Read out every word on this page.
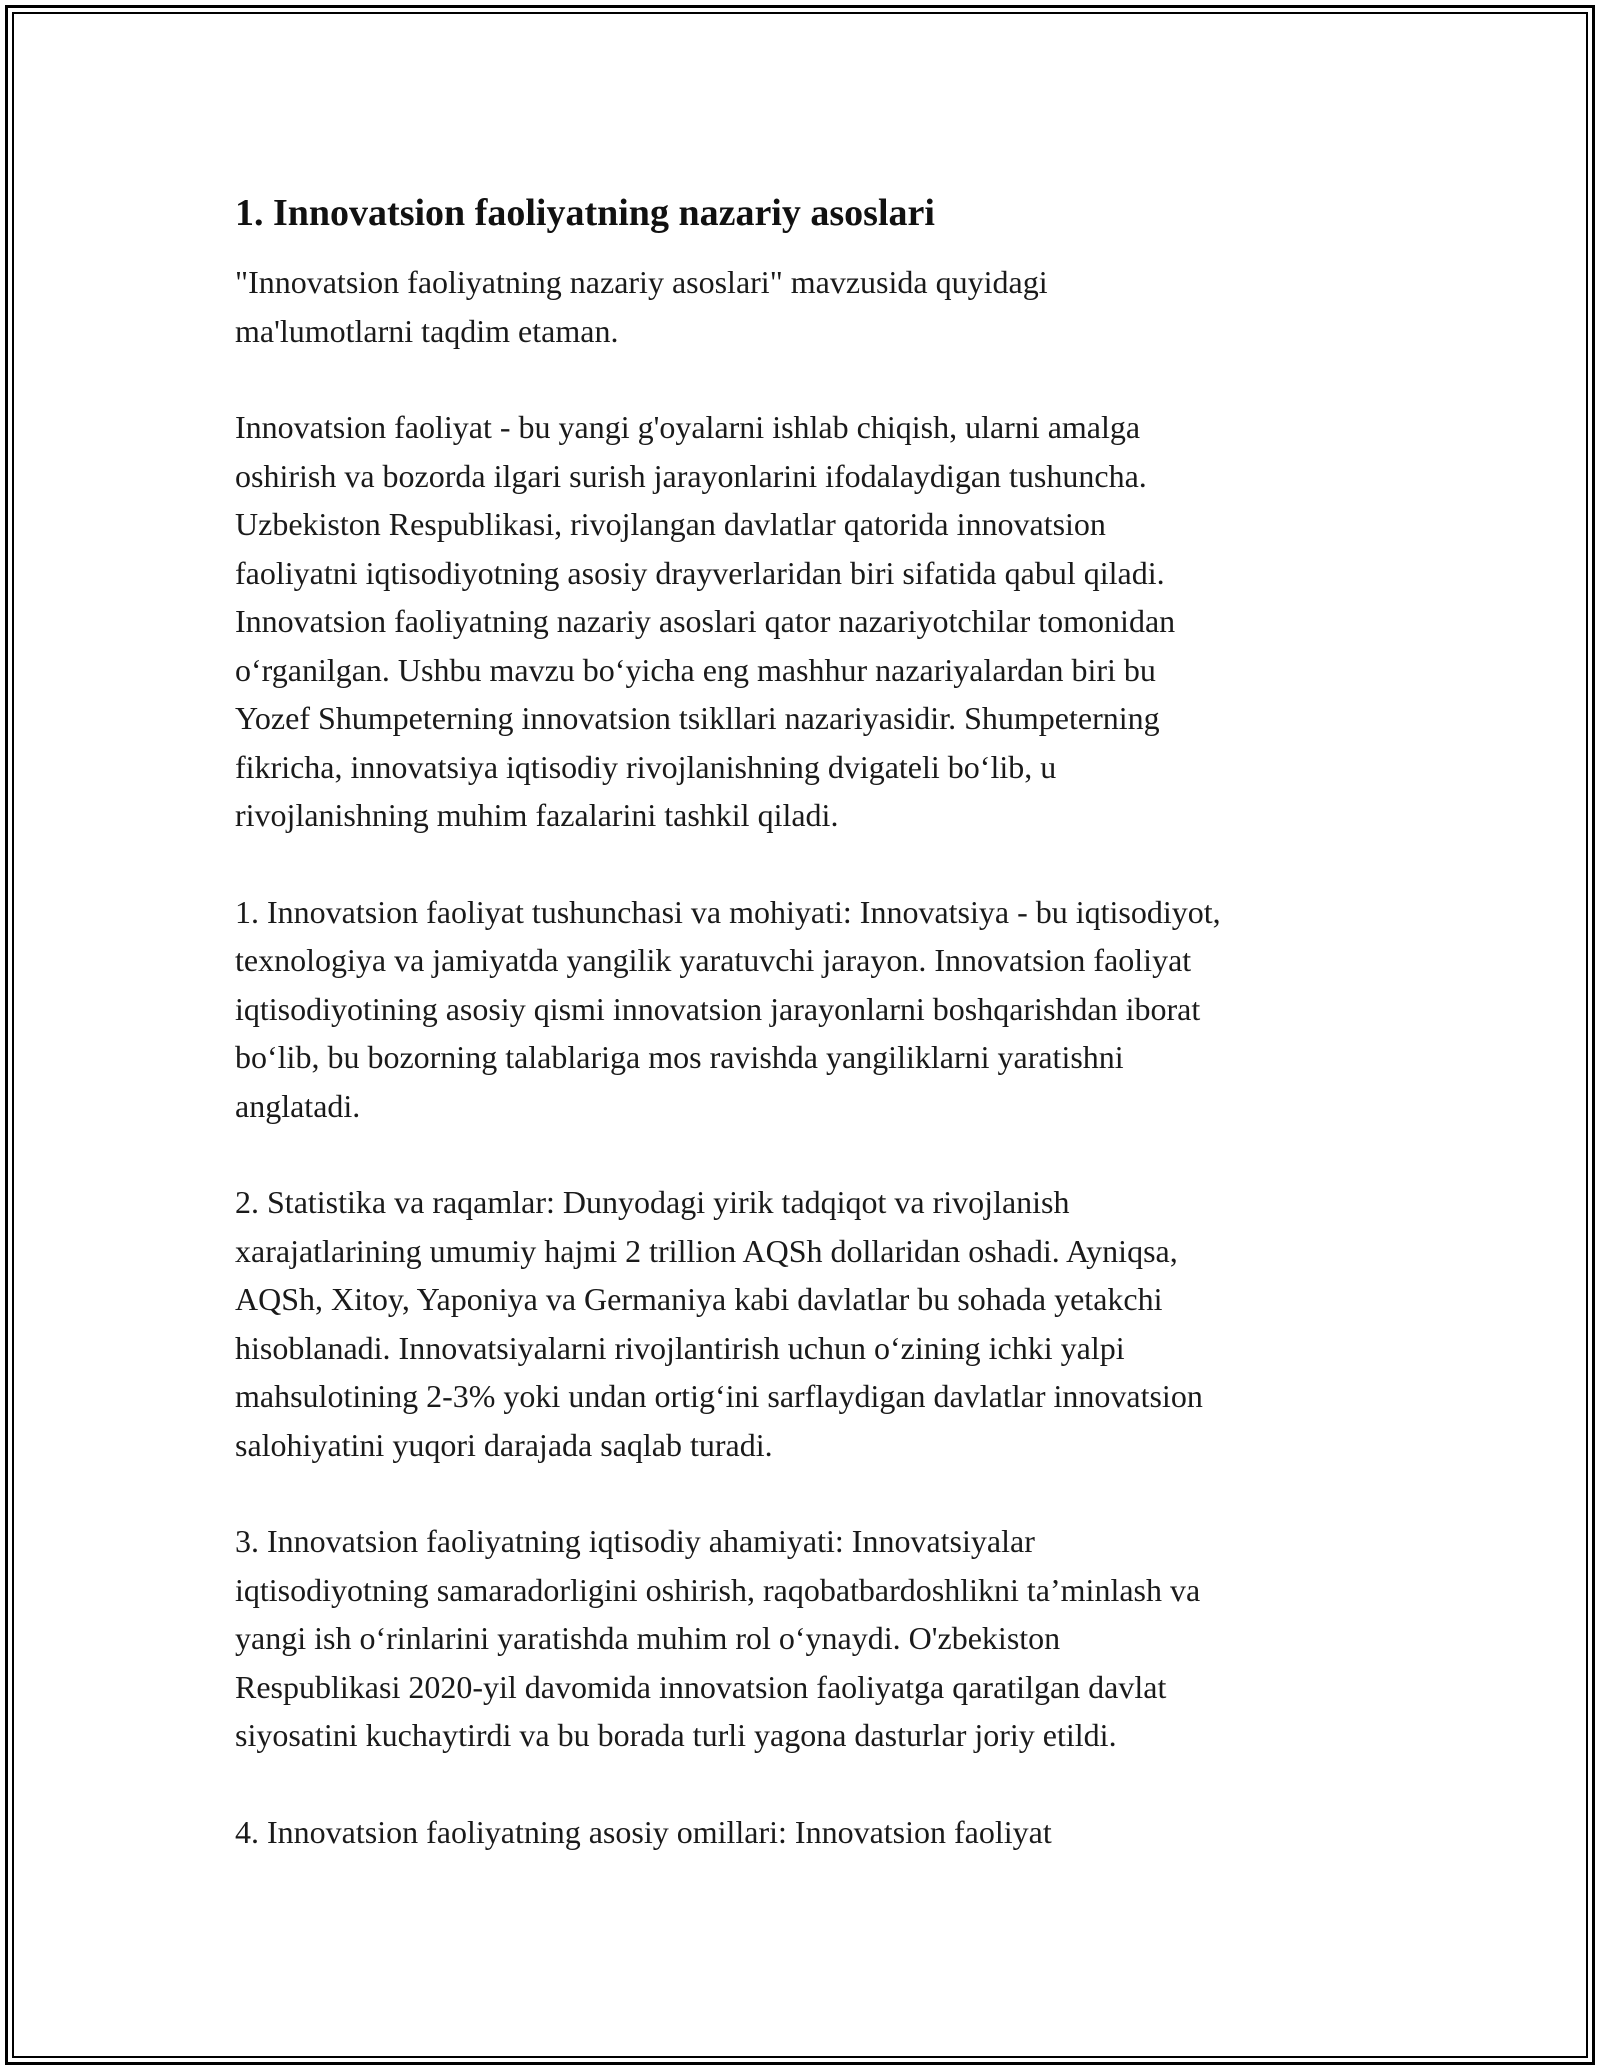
1. Innovatsion faoliyatning nazariy asoslari

"Innovatsion faoliyatning nazariy asoslari" mavzusida quyidagi
ma'lumotlarni taqdim etaman.

Innovatsion faoliyat - bu yangi g'oyalarni ishlab chiqish, ularni amalga
oshirish va bozorda ilgari surish jarayonlarini ifodalaydigan tushuncha.
Uzbekiston Respublikasi, rivojlangan davlatlar qatorida innovatsion
faoliyatni iqtisodiyotning asosiy drayverlaridan biri sifatida qabul qiladi.
Innovatsion faoliyatning nazariy asoslari qator nazariyotchilar tomonidan
o‘rganilgan. Ushbu mavzu bo‘yicha eng mashhur nazariyalardan biri bu
Yozef Shumpeterning innovatsion tsikllari nazariyasidir. Shumpeterning
fikricha, innovatsiya iqtisodiy rivojlanishning dvigateli bo‘lib, u
rivojlanishning muhim fazalarini tashkil qiladi.

1. Innovatsion faoliyat tushunchasi va mohiyati: Innovatsiya - bu iqtisodiyot,
texnologiya va jamiyatda yangilik yaratuvchi jarayon. Innovatsion faoliyat
iqtisodiyotining asosiy qismi innovatsion jarayonlarni boshqarishdan iborat
bo‘lib, bu bozorning talablariga mos ravishda yangiliklarni yaratishni
anglatadi.

2. Statistika va raqamlar: Dunyodagi yirik tadqiqot va rivojlanish
xarajatlarining umumiy hajmi 2 trillion AQSh dollaridan oshadi. Ayniqsa,
AQSh, Xitoy, Yaponiya va Germaniya kabi davlatlar bu sohada yetakchi
hisoblanadi. Innovatsiyalarni rivojlantirish uchun o‘zining ichki yalpi
mahsulotining 2-3% yoki undan ortig‘ini sarflaydigan davlatlar innovatsion
salohiyatini yuqori darajada saqlab turadi.

3. Innovatsion faoliyatning iqtisodiy ahamiyati: Innovatsiyalar
iqtisodiyotning samaradorligini oshirish, raqobatbardoshlikni ta’minlash va
yangi ish o‘rinlarini yaratishda muhim rol o‘ynaydi. O'zbekiston
Respublikasi 2020-yil davomida innovatsion faoliyatga qaratilgan davlat
siyosatini kuchaytirdi va bu borada turli yagona dasturlar joriy etildi.

4. Innovatsion faoliyatning asosiy omillari: Innovatsion faoliyat
